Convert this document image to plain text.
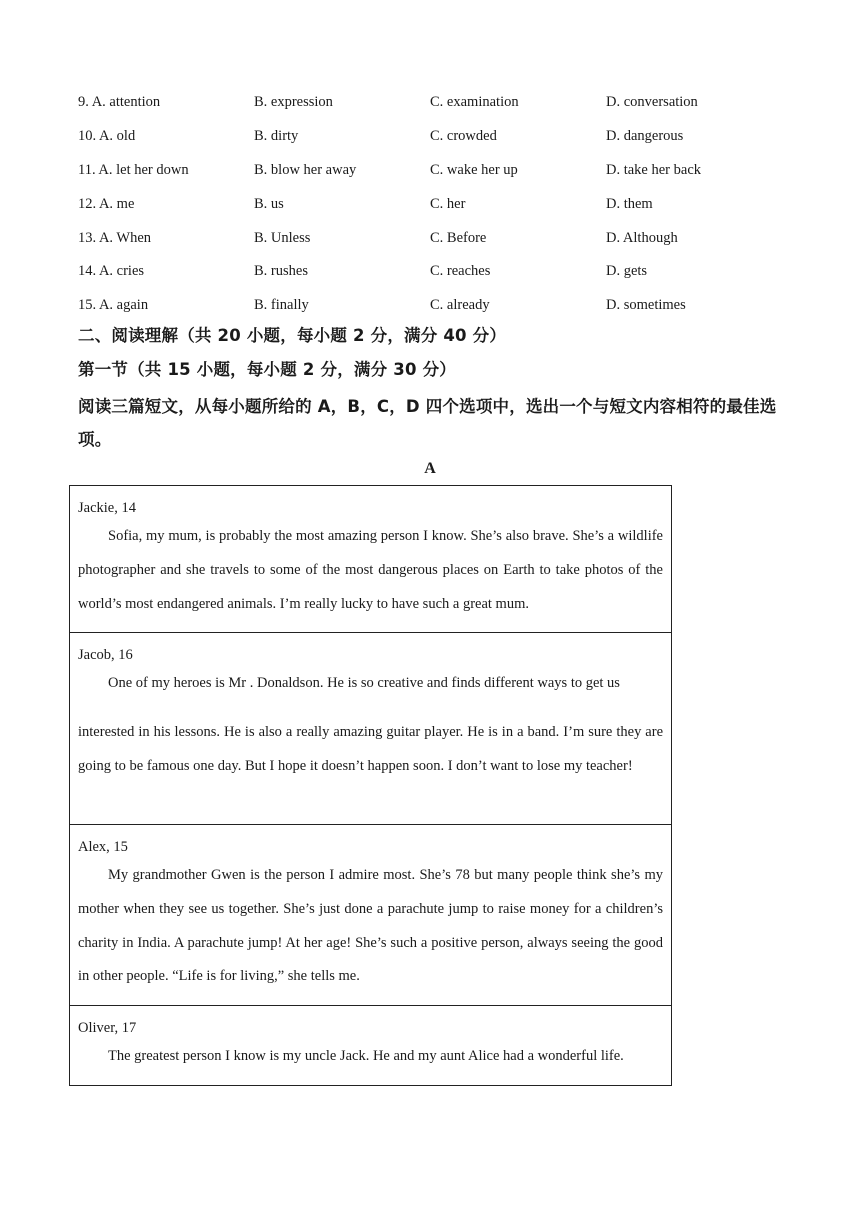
9. A. attention	B. expression	C. examination	D. conversation
10. A. old	B. dirty	C. crowded	D. dangerous
11. A. let her down	B. blow her away	C. wake her up	D. take her back
12. A. me	B. us	C. her	D. them
13. A. When	B. Unless	C. Before	D. Although
14. A. cries	B. rushes	C. reaches	D. gets
15. A. again	B. finally	C. already	D. sometimes
二、阅读理解（共 20 小题，每小题 2 分，满分 40 分）
第一节（共 15 小题，每小题 2 分，满分 30 分）
阅读三篇短文，从每小题所给的 A，B，C，D 四个选项中，选出一个与短文内容相符的最佳选项。
A
Jackie, 14

Sofia, my mum, is probably the most amazing person I know. She’s also brave. She’s a wildlife photographer and she travels to some of the most dangerous places on Earth to take photos of the world’s most endangered animals. I’m really lucky to have such a great mum.

Jacob, 16

One of my heroes is Mr . Donaldson. He is so creative and finds different ways to get us

interested in his lessons. He is also a really amazing guitar player. He is in a band. I’m sure they are going to be famous one day. But I hope it doesn’t happen soon. I don’t want to lose my teacher!

Alex, 15

My grandmother Gwen is the person I admire most. She’s 78 but many people think she’s my mother when they see us together. She’s just done a parachute jump to raise money for a children’s charity in India. A parachute jump! At her age! She’s such a positive person, always seeing the good in other people. “Life is for living,” she tells me.

Oliver, 17

The greatest person I know is my uncle Jack. He and my aunt Alice had a wonderful life.
